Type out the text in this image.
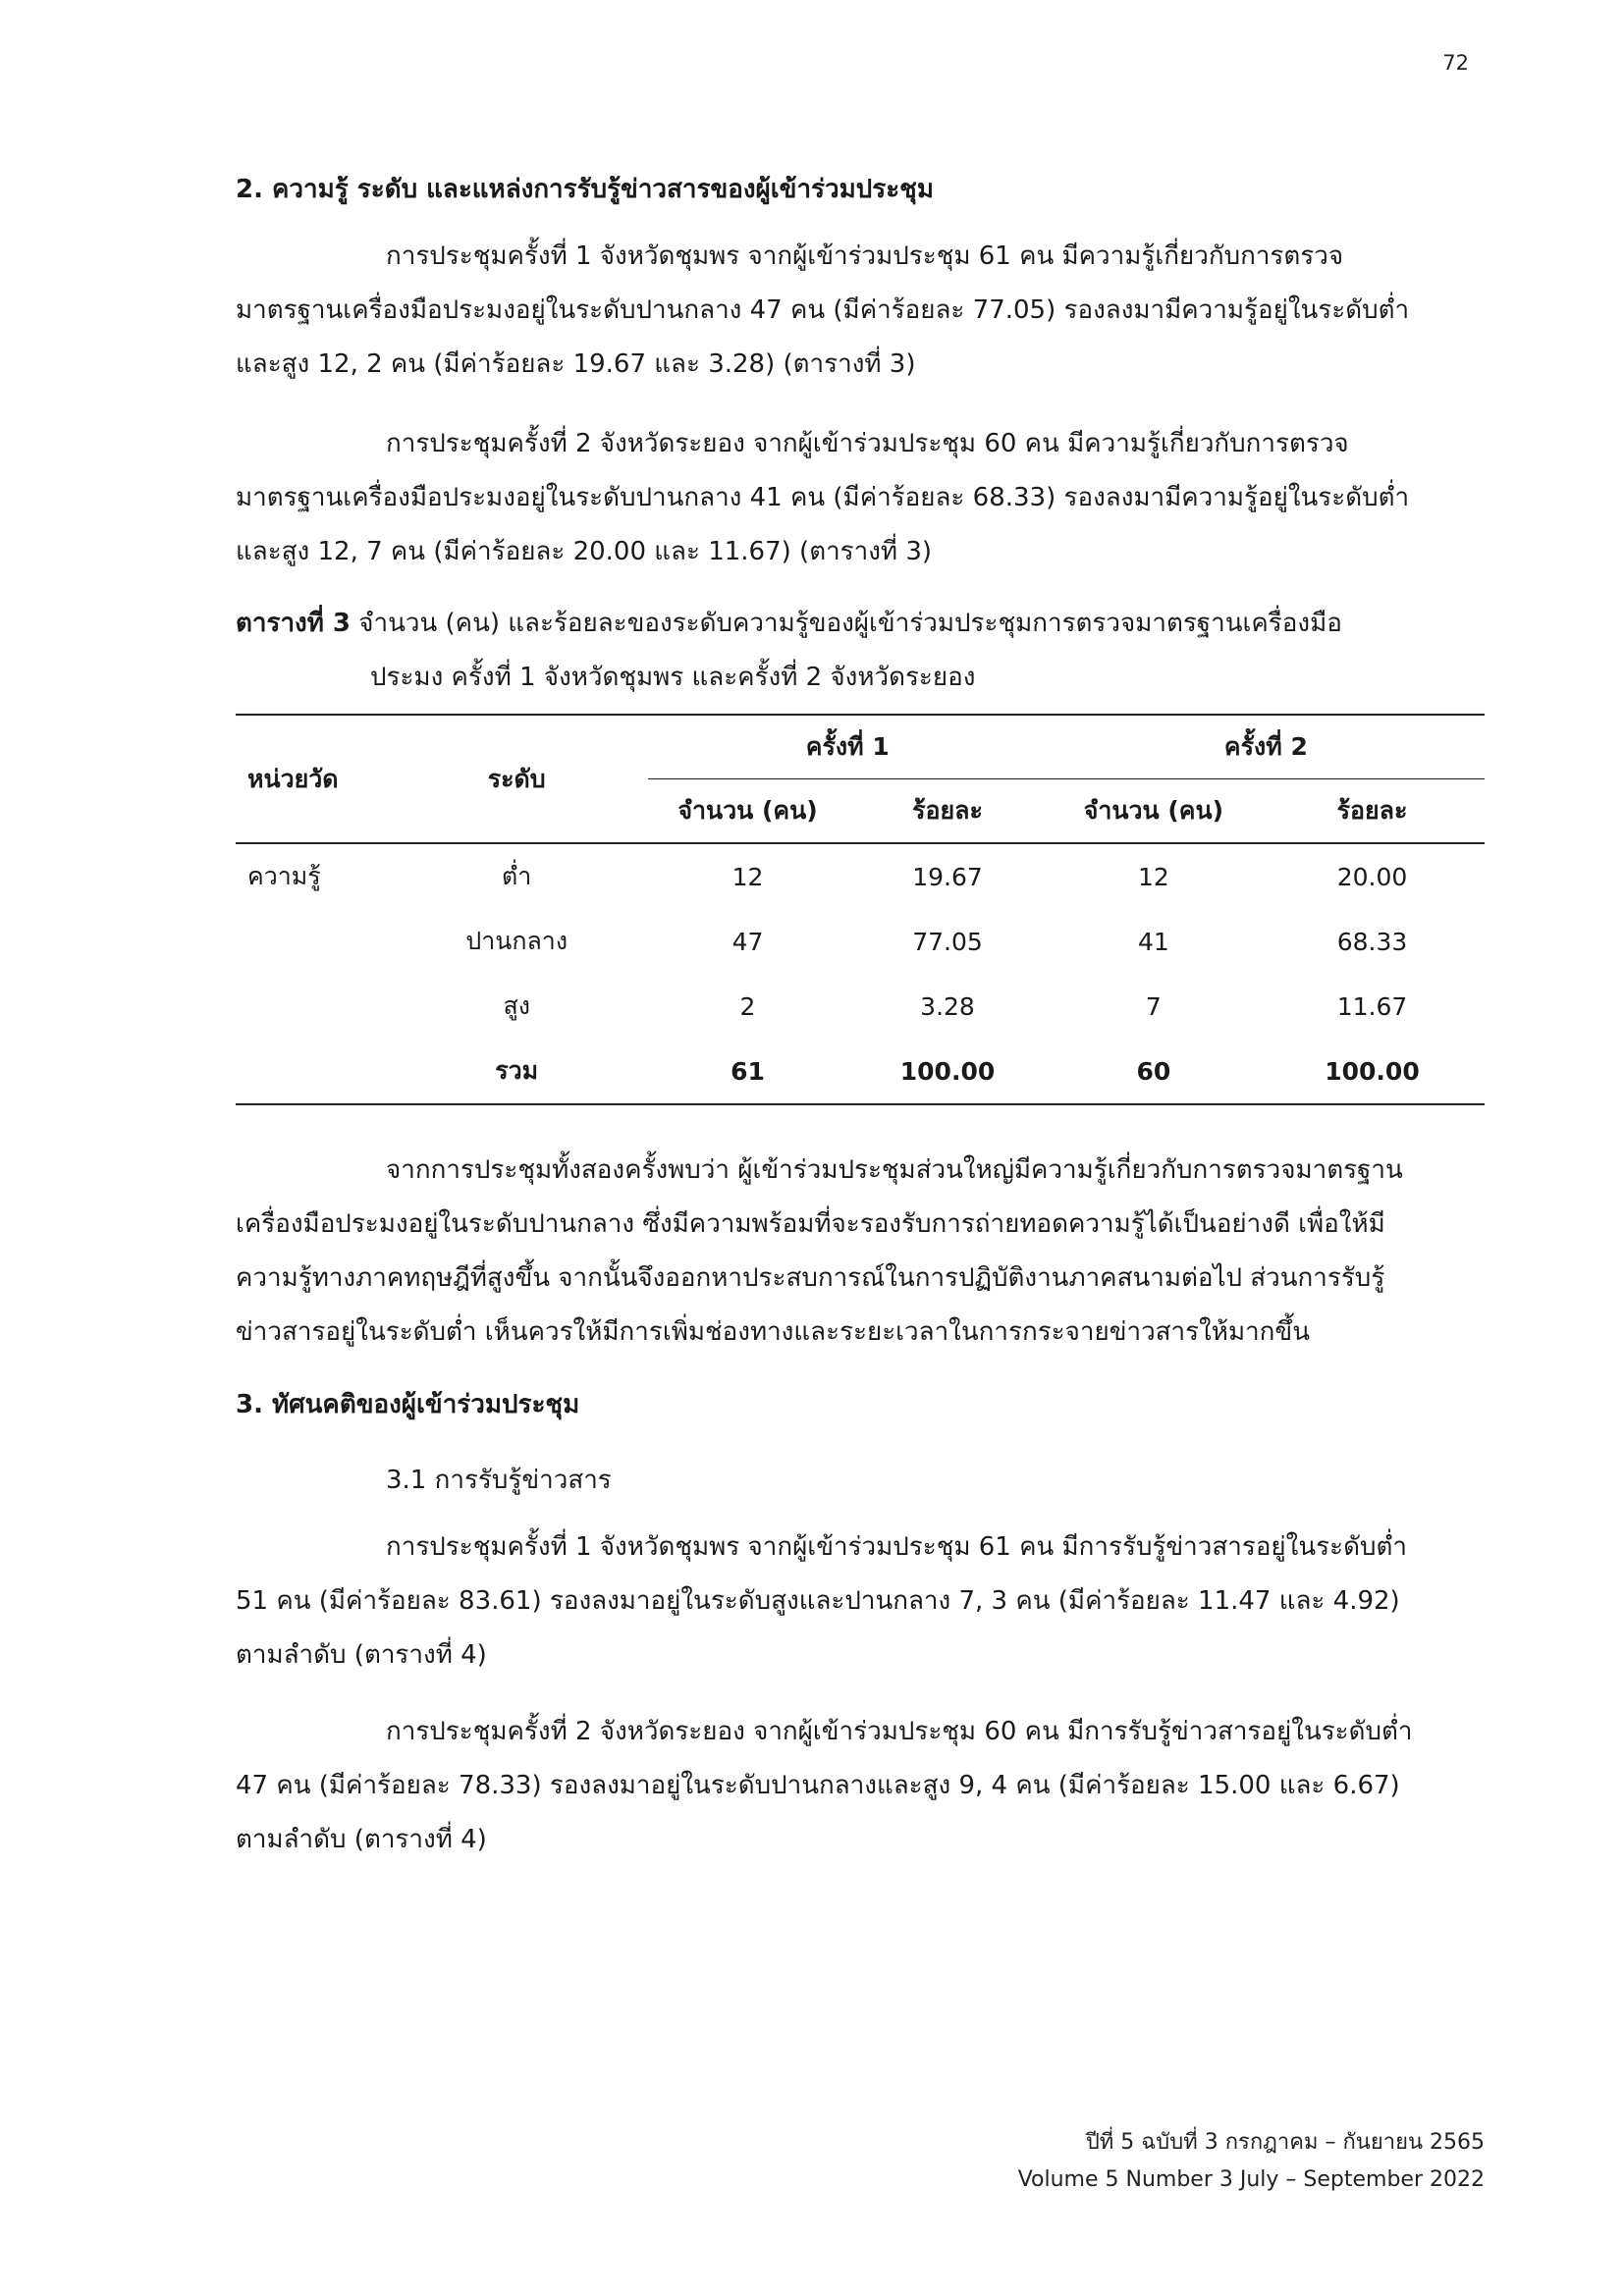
72
2. ความรู้ ระดับ และแหล่งการรับรู้ข่าวสารของผู้เข้าร่วมประชุม

การประชุมครั้งที่ 1 จังหวัดชุมพร จากผู้เข้าร่วมประชุม 61 คน มีความรู้เกี่ยวกับการตรวจ
มาตรฐานเครื่องมือประมงอยู่ในระดับปานกลาง 47 คน (มีค่าร้อยละ 77.05) รองลงมามีความรู้อยู่ในระดับต่ำ
และสูง 12, 2 คน (มีค่าร้อยละ 19.67 และ 3.28) (ตารางที่ 3)

การประชุมครั้งที่ 2 จังหวัดระยอง จากผู้เข้าร่วมประชุม 60 คน มีความรู้เกี่ยวกับการตรวจ
มาตรฐานเครื่องมือประมงอยู่ในระดับปานกลาง 41 คน (มีค่าร้อยละ 68.33) รองลงมามีความรู้อยู่ในระดับต่ำ
และสูง 12, 7 คน (มีค่าร้อยละ 20.00 และ 11.67) (ตารางที่ 3)

ตารางที่ 3 จำนวน (คน) และร้อยละของระดับความรู้ของผู้เข้าร่วมประชุมการตรวจมาตรฐานเครื่องมือ
ประมง ครั้งที่ 1 จังหวัดชุมพร และครั้งที่ 2 จังหวัดระยอง
หน่วยวัด	ระดับ	ครั้งที่ 1		ครั้งที่ 2	
		จำนวน (คน)	ร้อยละ	จำนวน (คน)	ร้อยละ
ความรู้	ต่ำ	12	19.67	12	20.00
	ปานกลาง	47	77.05	41	68.33
	สูง	2	3.28	7	11.67
	รวม	61	100.00	60	100.00

จากการประชุมทั้งสองครั้งพบว่า ผู้เข้าร่วมประชุมส่วนใหญ่มีความรู้เกี่ยวกับการตรวจมาตรฐาน
เครื่องมือประมงอยู่ในระดับปานกลาง ซึ่งมีความพร้อมที่จะรองรับการถ่ายทอดความรู้ได้เป็นอย่างดี เพื่อให้มี
ความรู้ทางภาคทฤษฎีที่สูงขึ้น จากนั้นจึงออกหาประสบการณ์ในการปฏิบัติงานภาคสนามต่อไป ส่วนการรับรู้
ข่าวสารอยู่ในระดับต่ำ เห็นควรให้มีการเพิ่มช่องทางและระยะเวลาในการกระจายข่าวสารให้มากขึ้น

3. ทัศนคติของผู้เข้าร่วมประชุม
3.1 การรับรู้ข่าวสาร

การประชุมครั้งที่ 1 จังหวัดชุมพร จากผู้เข้าร่วมประชุม 61 คน มีการรับรู้ข่าวสารอยู่ในระดับต่ำ
51 คน (มีค่าร้อยละ 83.61) รองลงมาอยู่ในระดับสูงและปานกลาง 7, 3 คน (มีค่าร้อยละ 11.47 และ 4.92)
ตามลำดับ (ตารางที่ 4)

การประชุมครั้งที่ 2 จังหวัดระยอง จากผู้เข้าร่วมประชุม 60 คน มีการรับรู้ข่าวสารอยู่ในระดับต่ำ
47 คน (มีค่าร้อยละ 78.33) รองลงมาอยู่ในระดับปานกลางและสูง 9, 4 คน (มีค่าร้อยละ 15.00 และ 6.67)
ตามลำดับ (ตารางที่ 4)

ปีที่ 5 ฉบับที่ 3 กรกฎาคม – กันยายน 2565
Volume 5 Number 3 July – September 2022
